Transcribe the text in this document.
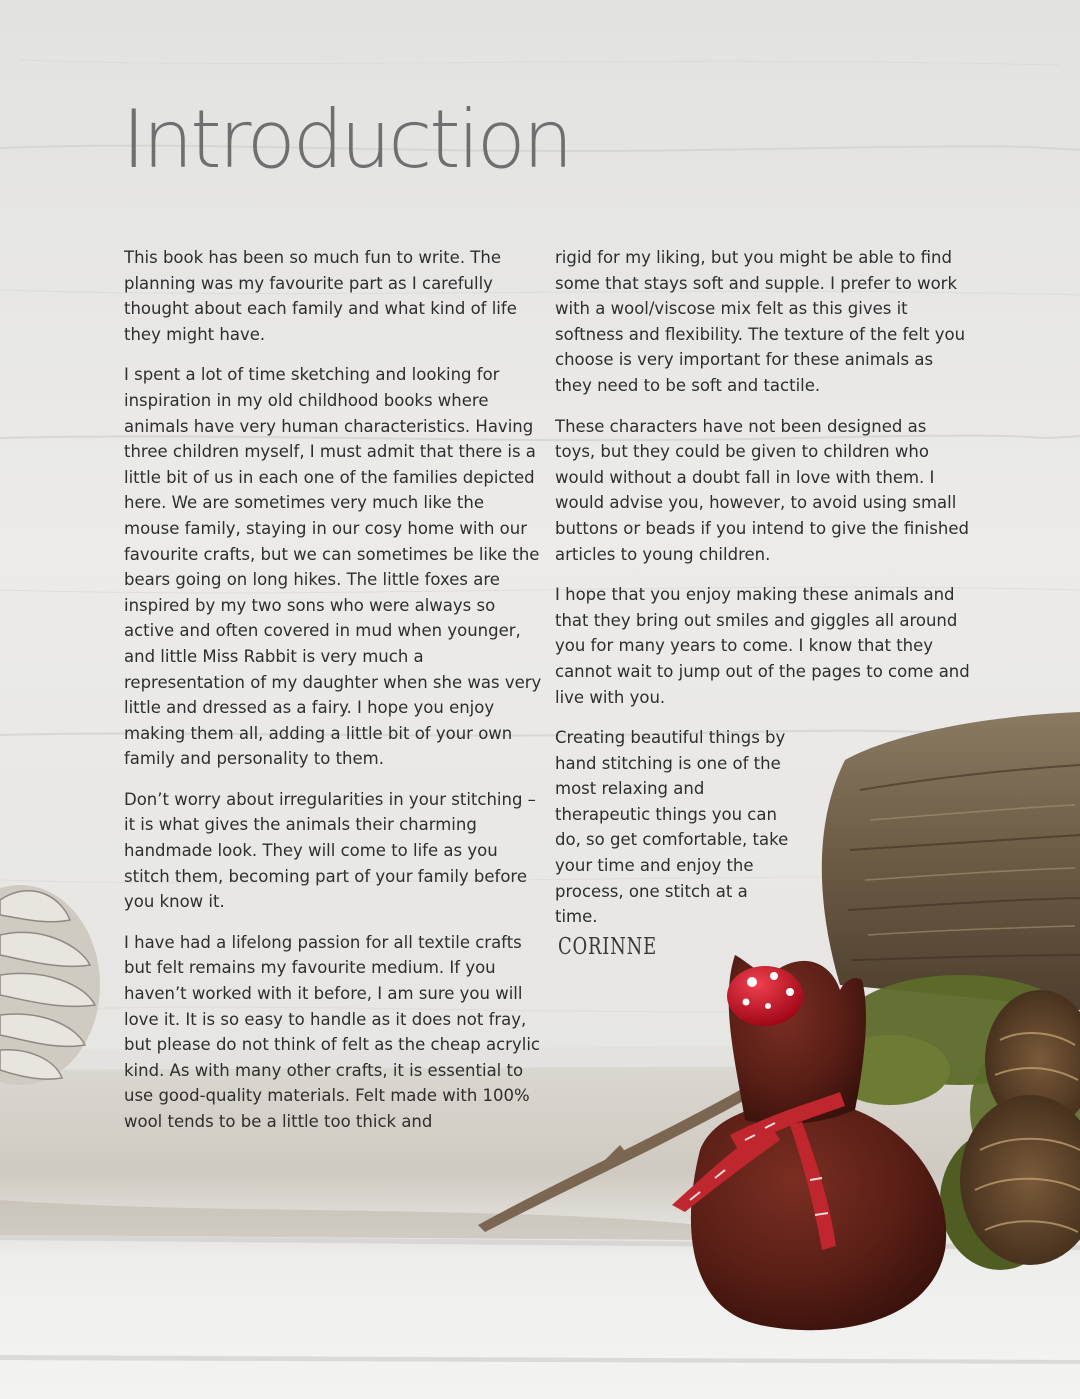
Introduction

This book has been so much fun to write. The planning was my favourite part as I carefully thought about each family and what kind of life they might have.

I spent a lot of time sketching and looking for inspiration in my old childhood books where animals have very human characteristics. Having three children myself, I must admit that there is a little bit of us in each one of the families depicted here. We are sometimes very much like the mouse family, staying in our cosy home with our favourite crafts, but we can sometimes be like the bears going on long hikes. The little foxes are inspired by my two sons who were always so active and often covered in mud when younger, and little Miss Rabbit is very much a representation of my daughter when she was very little and dressed as a fairy. I hope you enjoy making them all, adding a little bit of your own family and personality to them.

Don’t worry about irregularities in your stitching – it is what gives the animals their charming handmade look. They will come to life as you stitch them, becoming part of your family before you know it.

I have had a lifelong passion for all textile crafts but felt remains my favourite medium. If you haven’t worked with it before, I am sure you will love it. It is so easy to handle as it does not fray, but please do not think of felt as the cheap acrylic kind. As with many other crafts, it is essential to use good-quality materials. Felt made with 100% wool tends to be a little too thick and

rigid for my liking, but you might be able to find some that stays soft and supple. I prefer to work with a wool/viscose mix felt as this gives it softness and flexibility. The texture of the felt you choose is very important for these animals as they need to be soft and tactile.

These characters have not been designed as toys, but they could be given to children who would without a doubt fall in love with them. I would advise you, however, to avoid using small buttons or beads if you intend to give the finished articles to young children.

I hope that you enjoy making these animals and that they bring out smiles and giggles all around you for many years to come. I know that they cannot wait to jump out of the pages to come and live with you.

Creating beautiful things by hand stitching is one of the most relaxing and therapeutic things you can do, so get comfortable, take your time and enjoy the process, one stitch at a time.

CORINNE
